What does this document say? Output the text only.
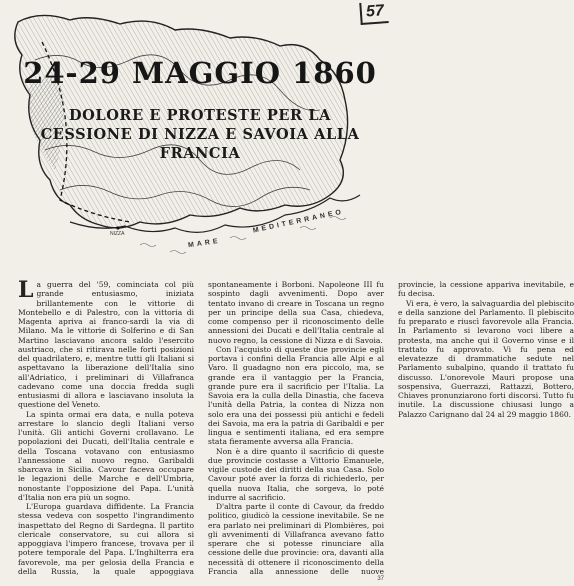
57
24-29 MAGGIO 1860
DOLORE E PROTESTE PER LA CESSIONE DI NIZZA E SAVOIA ALLA FRANCIA
NIZZA
MARE
MEDITERRANEO

La guerra del '59, cominciata col più grande entusiasmo, iniziata brillantemente con le vittorie di Montebello e di Palestro, con la vittoria di Magenta apriva ai franco-sardi la via di Milano. Ma le vittorie di Solferino e di San Martino lasciavano ancora saldo l'esercito austriaco, che si ritirava nelle forti posizioni del quadrilatero, e, mentre tutti gli Italiani si aspettavano la liberazione dell'Italia sino all'Adriatico, i preliminari di Villafranca cadevano come una doccia fredda sugli entusiasmi di allora e lasciavano insoluta la questione del Veneto.

La spinta ormai era data, e nulla poteva arrestare lo slancio degli Italiani verso l'unità. Gli antichi Governi crollavano. Le popolazioni dei Ducati, dell'Italia centrale e della Toscana votavano con entusiasmo l'annessione al nuovo regno. Garibaldi sbarcava in Sicilia. Cavour faceva occupare le legazioni delle Marche e dell'Umbria, nonostante l'opposizione del Papa. L'unità d'Italia non era più un sogno.

L'Europa guardava diffidente. La Francia stessa vedeva con sospetto l'ingrandimento inaspettato del Regno di Sardegna. Il partito clericale conservatore, su cui allora si appoggiava l'impero francese, trovava per il potere temporale del Papa. L'Inghilterra era favorevole, ma per gelosia della Francia e della Russia, la quale appoggiava spontaneamente i Borboni. Napoleone III fu sospinto dagli avvenimenti. Dopo aver tentato invano di creare in Toscana un regno per un principe della sua Casa, chiedeva, come compenso per il riconoscimento delle annessioni dei Ducati e dell'Italia centrale al nuovo regno, la cessione di Nizza e di Savoia.

Con l'acquisto di queste due provincie egli portava i confini della Francia alle Alpi e al Varo. Il guadagno non era piccolo, ma, se grande era il vantaggio per la Francia, grande pure era il sacrificio per l'Italia. La Savoia era la culla della Dinastia, che faceva l'unità della Patria, la contea di Nizza non solo era una dei possessi più antichi e fedeli dei Savoia, ma era la patria di Garibaldi e per lingua e sentimenti italiana, ed era sempre stata fieramente avversa alla Francia.

Non è a dire quanto il sacrificio di queste due provincie costasse a Vittorio Emanuele, vigile custode dei diritti della sua Casa. Solo Cavour poté aver la forza di richiederlo, per quella nuova Italia, che sorgeva, lo poté indurre al sacrificio.

D'altra parte il conte di Cavour, da freddo politico, giudicò la cessione inevitabile. Se ne era parlato nei preliminari di Plombières, poi gli avvenimenti di Villafranca avevano fatto sperare che si potesse rinunciare alla cessione delle due provincie: ora, davanti alla necessità di ottenere il riconoscimento della Francia alla annessione delle nuove provincie, la cessione appariva inevitabile, e fu decisa.

Vi era, è vero, la salvaguardia del plebiscito e della sanzione del Parlamento. Il plebiscito fu preparato e riuscì favorevole alla Francia. In Parlamento si levarono voci libere a protesta, ma anche qui il Governo vinse e il trattato fu approvato. Vi fu pena ed elevatezze di drammatiche sedute nel Parlamento subalpino, quando il trattato fu discusso. L'onorevole Mauri propose una sospensiva, Guerrazzi, Rattazzi, Bottero, Chiaves pronunziarono forti discorsi. Tutto fu inutile. La discussione chiusasi lungo a Palazzo Carignano dal 24 al 29 maggio 1860.

37
